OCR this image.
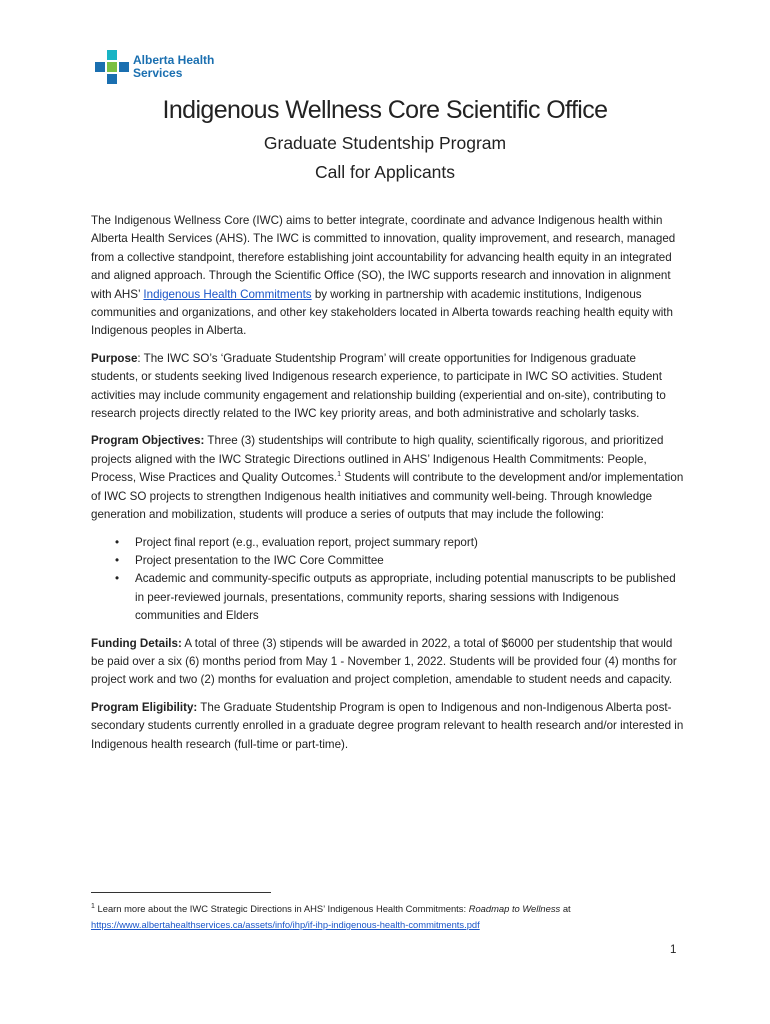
Alberta Health
Services
Indigenous Wellness Core Scientific Office
Graduate Studentship Program
Call for Applicants

The Indigenous Wellness Core (IWC) aims to better integrate, coordinate and advance Indigenous health within Alberta Health Services (AHS). The IWC is committed to innovation, quality improvement, and research, managed from a collective standpoint, therefore establishing joint accountability for advancing health equity in an integrated and aligned approach. Through the Scientific Office (SO), the IWC supports research and innovation in alignment with AHS’ Indigenous Health Commitments by working in partnership with academic institutions, Indigenous communities and organizations, and other key stakeholders located in Alberta towards reaching health equity with Indigenous peoples in Alberta.

Purpose: The IWC SO’s ‘Graduate Studentship Program’ will create opportunities for Indigenous graduate students, or students seeking lived Indigenous research experience, to participate in IWC SO activities. Student activities may include community engagement and relationship building (experiential and on-site), contributing to research projects directly related to the IWC key priority areas, and both administrative and scholarly tasks.

Program Objectives: Three (3) studentships will contribute to high quality, scientifically rigorous, and prioritized projects aligned with the IWC Strategic Directions outlined in AHS’ Indigenous Health Commitments: People, Process, Wise Practices and Quality Outcomes.$^1$ Students will contribute to the development and/or implementation of IWC SO projects to strengthen Indigenous health initiatives and community well-being. Through knowledge generation and mobilization, students will produce a series of outputs that may include the following:

• Project final report (e.g., evaluation report, project summary report)
• Project presentation to the IWC Core Committee
• Academic and community-specific outputs as appropriate, including potential manuscripts to be published in peer-reviewed journals, presentations, community reports, sharing sessions with Indigenous communities and Elders

Funding Details: A total of three (3) stipends will be awarded in 2022, a total of $6000 per studentship that would be paid over a six (6) months period from May 1 - November 1, 2022. Students will be provided four (4) months for project work and two (2) months for evaluation and project completion, amendable to student needs and capacity.

Program Eligibility: The Graduate Studentship Program is open to Indigenous and non-Indigenous Alberta post-secondary students currently enrolled in a graduate degree program relevant to health research and/or interested in Indigenous health research (full-time or part-time).

$^1$ Learn more about the IWC Strategic Directions in AHS’ Indigenous Health Commitments: Roadmap to Wellness at
https://www.albertahealthservices.ca/assets/info/ihp/if-ihp-indigenous-health-commitments.pdf
1
